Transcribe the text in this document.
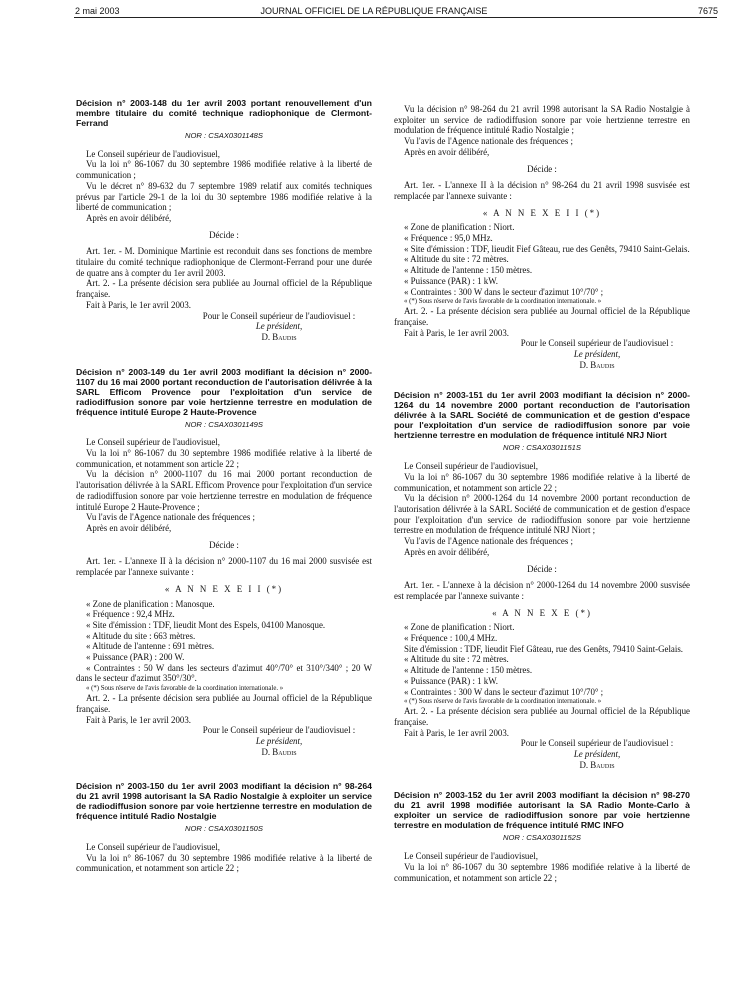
2 mai 2003	JOURNAL OFFICIEL DE LA RÉPUBLIQUE FRANÇAISE	7675

Décision n° 2003-148 du 1er avril 2003 portant renouvellement d'un membre titulaire du comité technique radiophonique de Clermont-Ferrand

NOR : CSAX0301148S

Le Conseil supérieur de l'audiovisuel,

Vu la loi n° 86-1067 du 30 septembre 1986 modifiée relative à la liberté de communication ;

Vu le décret n° 89-632 du 7 septembre 1989 relatif aux comités techniques prévus par l'article 29-1 de la loi du 30 septembre 1986 modifiée relative à la liberté de communication ;

Après en avoir délibéré,

Décide :

Art. 1er. - M. Dominique Martinie est reconduit dans ses fonctions de membre titulaire du comité technique radiophonique de Clermont-Ferrand pour une durée de quatre ans à compter du 1er avril 2003.

Art. 2. - La présente décision sera publiée au Journal officiel de la République française.

Fait à Paris, le 1er avril 2003.

Pour le Conseil supérieur de l'audiovisuel :

Le président,

D. Baudis

Décision n° 2003-149 du 1er avril 2003 modifiant la décision n° 2000-1107 du 16 mai 2000 portant reconduction de l'autorisation délivrée à la SARL Efficom Provence pour l'exploitation d'un service de radiodiffusion sonore par voie hertzienne terrestre en modulation de fréquence intitulé Europe 2 Haute-Provence

NOR : CSAX0301149S

Le Conseil supérieur de l'audiovisuel,

Vu la loi n° 86-1067 du 30 septembre 1986 modifiée relative à la liberté de communication, et notamment son article 22 ;

Vu la décision n° 2000-1107 du 16 mai 2000 portant reconduction de l'autorisation délivrée à la SARL Efficom Provence pour l'exploitation d'un service de radiodiffusion sonore par voie hertzienne terrestre en modulation de fréquence intitulé Europe 2 Haute-Provence ;

Vu l'avis de l'Agence nationale des fréquences ;

Après en avoir délibéré,

Décide :

Art. 1er. - L'annexe II à la décision n° 2000-1107 du 16 mai 2000 susvisée est remplacée par l'annexe suivante :

« A N N E X E I I (*)

« Zone de planification : Manosque.

« Fréquence : 92,4 MHz.

« Site d'émission : TDF, lieudit Mont des Espels, 04100 Manosque.

« Altitude du site : 663 mètres.

« Altitude de l'antenne : 691 mètres.

« Puissance (PAR) : 200 W.

« Contraintes : 50 W dans les secteurs d'azimut 40°/70° et 310°/340° ; 20 W dans le secteur d'azimut 350°/30°.

« (*) Sous réserve de l'avis favorable de la coordination internationale. »

Art. 2. - La présente décision sera publiée au Journal officiel de la République française.

Fait à Paris, le 1er avril 2003.

Pour le Conseil supérieur de l'audiovisuel :

Le président,

D. Baudis

Décision n° 2003-150 du 1er avril 2003 modifiant la décision n° 98-264 du 21 avril 1998 autorisant la SA Radio Nostalgie à exploiter un service de radiodiffusion sonore par voie hertzienne terrestre en modulation de fréquence intitulé Radio Nostalgie

NOR : CSAX0301150S

Le Conseil supérieur de l'audiovisuel,

Vu la loi n° 86-1067 du 30 septembre 1986 modifiée relative à la liberté de communication, et notamment son article 22 ;

Vu la décision n° 98-264 du 21 avril 1998 autorisant la SA Radio Nostalgie à exploiter un service de radiodiffusion sonore par voie hertzienne terrestre en modulation de fréquence intitulé Radio Nostalgie ;

Vu l'avis de l'Agence nationale des fréquences ;

Après en avoir délibéré,

Décide :

Art. 1er. - L'annexe II à la décision n° 98-264 du 21 avril 1998 susvisée est remplacée par l'annexe suivante :

« A N N E X E I I (*)

« Zone de planification : Niort.

« Fréquence : 95,0 MHz.

« Site d'émission : TDF, lieudit Fief Gâteau, rue des Genêts, 79410 Saint-Gelais.

« Altitude du site : 72 mètres.

« Altitude de l'antenne : 150 mètres.

« Puissance (PAR) : 1 kW.

« Contraintes : 300 W dans le secteur d'azimut 10°/70° ;

« (*) Sous réserve de l'avis favorable de la coordination internationale. »

Art. 2. - La présente décision sera publiée au Journal officiel de la République française.

Fait à Paris, le 1er avril 2003.

Pour le Conseil supérieur de l'audiovisuel :

Le président,

D. Baudis

Décision n° 2003-151 du 1er avril 2003 modifiant la décision n° 2000-1264 du 14 novembre 2000 portant reconduction de l'autorisation délivrée à la SARL Société de communication et de gestion d'espace pour l'exploitation d'un service de radiodiffusion sonore par voie hertzienne terrestre en modulation de fréquence intitulé NRJ Niort

NOR : CSAX0301151S

Le Conseil supérieur de l'audiovisuel,

Vu la loi n° 86-1067 du 30 septembre 1986 modifiée relative à la liberté de communication, et notamment son article 22 ;

Vu la décision n° 2000-1264 du 14 novembre 2000 portant reconduction de l'autorisation délivrée à la SARL Société de communication et de gestion d'espace pour l'exploitation d'un service de radiodiffusion sonore par voie hertzienne terrestre en modulation de fréquence intitulé NRJ Niort ;

Vu l'avis de l'Agence nationale des fréquences ;

Après en avoir délibéré,

Décide :

Art. 1er. - L'annexe à la décision n° 2000-1264 du 14 novembre 2000 susvisée est remplacée par l'annexe suivante :

« A N N E X E (*)

« Zone de planification : Niort.

« Fréquence : 100,4 MHz.

Site d'émission : TDF, lieudit Fief Gâteau, rue des Genêts, 79410 Saint-Gelais.

« Altitude du site : 72 mètres.

« Altitude de l'antenne : 150 mètres.

« Puissance (PAR) : 1 kW.

« Contraintes : 300 W dans le secteur d'azimut 10°/70° ;

« (*) Sous réserve de l'avis favorable de la coordination internationale. »

Art. 2. - La présente décision sera publiée au Journal officiel de la République française.

Fait à Paris, le 1er avril 2003.

Pour le Conseil supérieur de l'audiovisuel :

Le président,

D. Baudis

Décision n° 2003-152 du 1er avril 2003 modifiant la décision n° 98-270 du 21 avril 1998 modifiée autorisant la SA Radio Monte-Carlo à exploiter un service de radiodiffusion sonore par voie hertzienne terrestre en modulation de fréquence intitulé RMC INFO

NOR : CSAX0301152S

Le Conseil supérieur de l'audiovisuel,

Vu la loi n° 86-1067 du 30 septembre 1986 modifiée relative à la liberté de communication, et notamment son article 22 ;
